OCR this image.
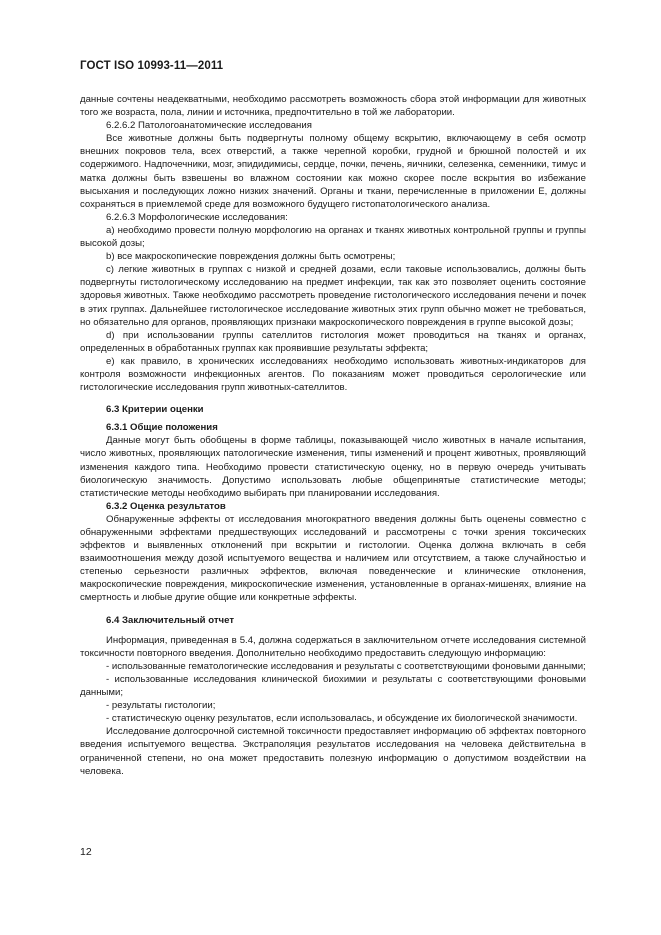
ГОСТ ISO 10993-11—2011

данные сочтены неадекватными, необходимо рассмотреть возможность сбора этой информации для животных того же возраста, пола, линии и источника, предпочтительно в той же лаборатории.

6.2.6.2 Патологоанатомические исследования

Все животные должны быть подвергнуты полному общему вскрытию, включающему в себя осмотр внешних покровов тела, всех отверстий, а также черепной коробки, грудной и брюшной полостей и их содержимого. Надпочечники, мозг, эпидидимисы, сердце, почки, печень, яичники, селезенка, семенники, тимус и матка должны быть взвешены во влажном состоянии как можно скорее после вскрытия во избежание высыхания и последующих ложно низких значений. Органы и ткани, перечисленные в приложении Е, должны сохраняться в приемлемой среде для возможного будущего гистопатологического анализа.

6.2.6.3 Морфологические исследования:

а) необходимо провести полную морфологию на органах и тканях животных контрольной группы и группы высокой дозы;

b) все макроскопические повреждения должны быть осмотрены;

с) легкие животных в группах с низкой и средней дозами, если таковые использовались, должны быть подвергнуты гистологическому исследованию на предмет инфекции, так как это позволяет оценить состояние здоровья животных. Также необходимо рассмотреть проведение гистологического исследования печени и почек в этих группах. Дальнейшее гистологическое исследование животных этих групп обычно может не требоваться, но обязательно для органов, проявляющих признаки макроскопического повреждения в группе высокой дозы;

d) при использовании группы сателлитов гистология может проводиться на тканях и органах, определенных в обработанных группах как проявившие результаты эффекта;

е) как правило, в хронических исследованиях необходимо использовать животных-индикаторов для контроля возможности инфекционных агентов. По показаниям может проводиться серологические или гистологические исследования групп животных-сателлитов.

6.3 Критерии оценки

6.3.1 Общие положения

Данные могут быть обобщены в форме таблицы, показывающей число животных в начале испытания, число животных, проявляющих патологические изменения, типы изменений и процент животных, проявляющий изменения каждого типа. Необходимо провести статистическую оценку, но в первую очередь учитывать биологическую значимость. Допустимо использовать любые общепринятые статистические методы; статистические методы необходимо выбирать при планировании исследования.

6.3.2 Оценка результатов

Обнаруженные эффекты от исследования многократного введения должны быть оценены совместно с обнаруженными эффектами предшествующих исследований и рассмотрены с точки зрения токсических эффектов и выявленных отклонений при вскрытии и гистологии. Оценка должна включать в себя взаимоотношения между дозой испытуемого вещества и наличием или отсутствием, а также случайностью и степенью серьезности различных эффектов, включая поведенческие и клинические отклонения, макроскопические повреждения, микроскопические изменения, установленные в органах-мишенях, влияние на смертность и любые другие общие или конкретные эффекты.

6.4 Заключительный отчет

Информация, приведенная в 5.4, должна содержаться в заключительном отчете исследования системной токсичности повторного введения. Дополнительно необходимо предоставить следующую информацию:

- использованные гематологические исследования и результаты с соответствующими фоновыми данными;

- использованные исследования клинической биохимии и результаты с соответствующими фоновыми данными;

- результаты гистологии;

- статистическую оценку результатов, если использовалась, и обсуждение их биологической значимости.

Исследование долгосрочной системной токсичности предоставляет информацию об эффектах повторного введения испытуемого вещества. Экстраполяция результатов исследования на человека действительна в ограниченной степени, но она может предоставить полезную информацию о допустимом воздействии на человека.

12
